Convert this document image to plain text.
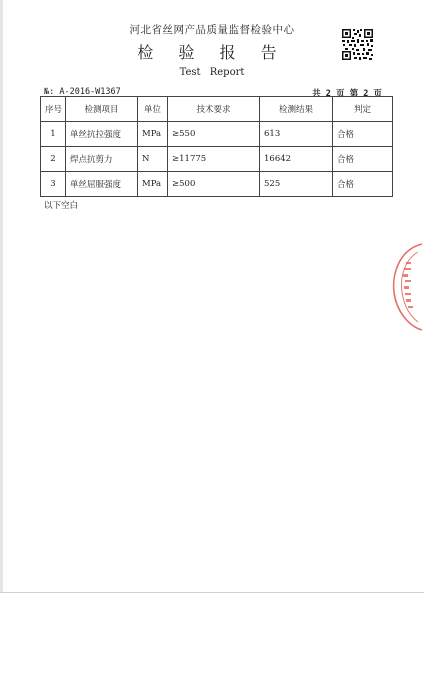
河北省丝网产品质量监督检验中心
检 验 报 告
Test Report
№: A-2016-W1367	共 2 页 第 2 页
序号	检测项目	单位	技术要求	检测结果	判定
1	单丝抗拉强度	MPa	≥550	613	合格
2	焊点抗剪力	N	≥11775	16642	合格
3	单丝屈服强度	MPa	≥500	525	合格
以下空白
